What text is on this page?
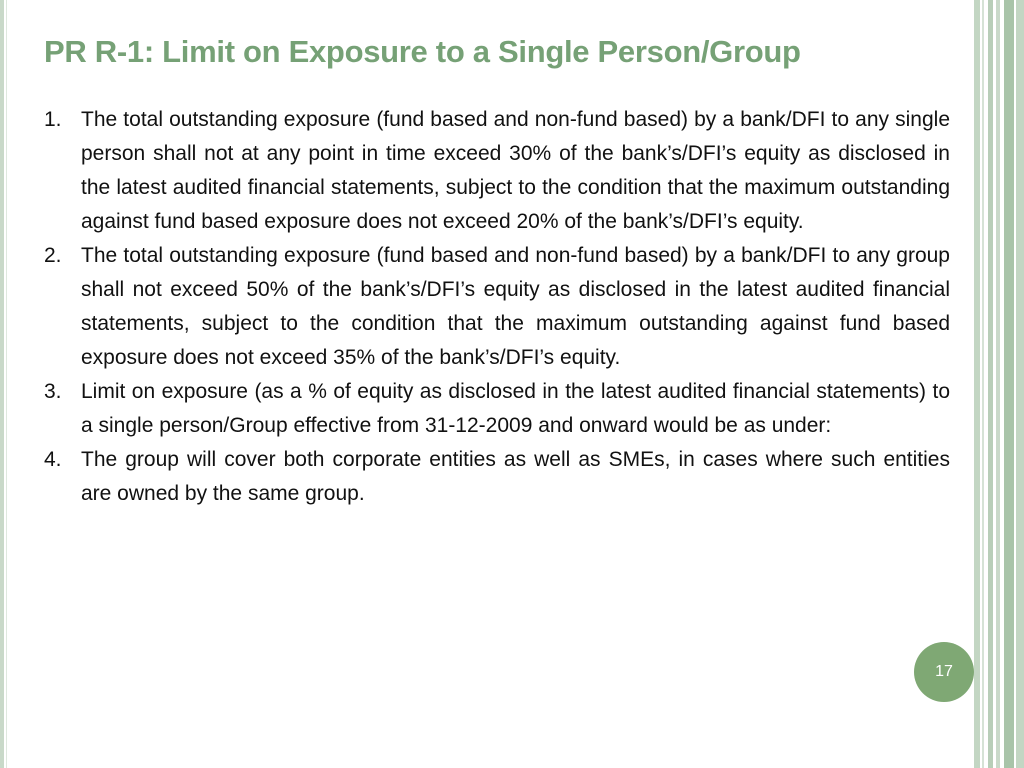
PR R-1: Limit on Exposure to a Single Person/Group
1. The total outstanding exposure (fund based and non-fund based) by a bank/DFI to any single person shall not at any point in time exceed 30% of the bank’s/DFI’s equity as disclosed in the latest audited financial statements, subject to the condition that the maximum outstanding against fund based exposure does not exceed 20% of the bank’s/DFI’s equity.
2. The total outstanding exposure (fund based and non-fund based) by a bank/DFI to any group shall not exceed 50% of the bank’s/DFI’s equity as disclosed in the latest audited financial statements, subject to the condition that the maximum outstanding against fund based exposure does not exceed 35% of the bank’s/DFI’s equity.
3. Limit on exposure (as a % of equity as disclosed in the latest audited financial statements) to a single person/Group effective from 31-12-2009 and onward would be as under:
4. The group will cover both corporate entities as well as SMEs, in cases where such entities are owned by the same group.
17
